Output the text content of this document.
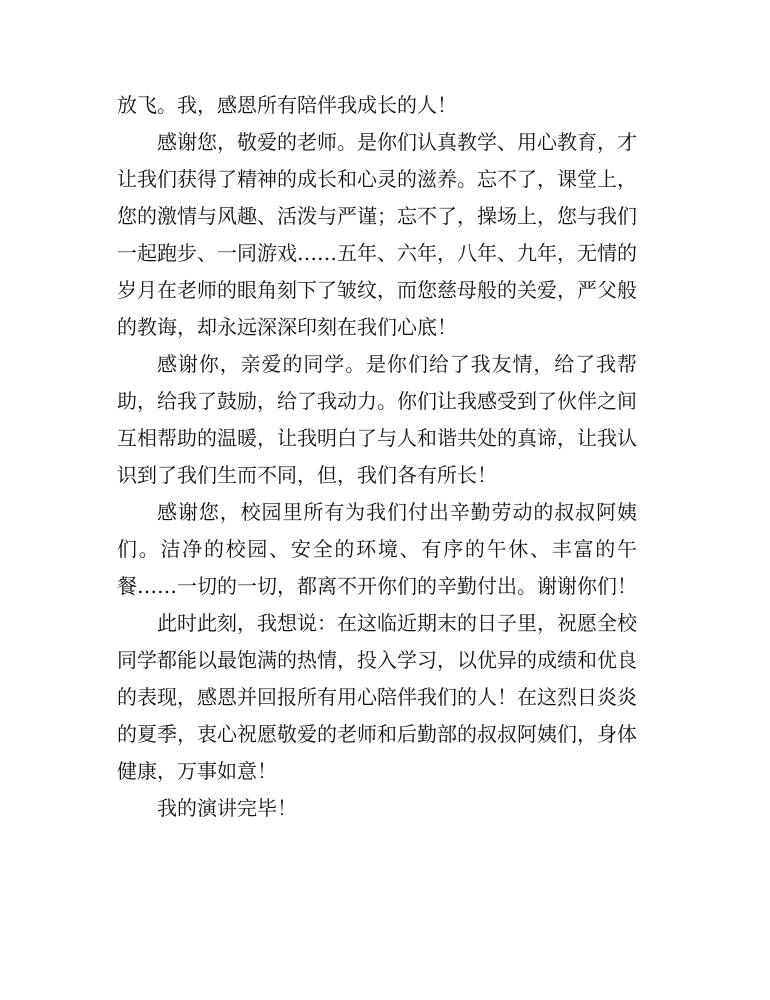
放飞。我，感恩所有陪伴我成长的人！

感谢您，敬爱的老师。是你们认真教学、用心教育，才让我们获得了精神的成长和心灵的滋养。忘不了，课堂上，您的激情与风趣、活泼与严谨；忘不了，操场上，您与我们一起跑步、一同游戏……五年、六年，八年、九年，无情的岁月在老师的眼角刻下了皱纹，而您慈母般的关爱，严父般的教诲，却永远深深印刻在我们心底！

感谢你，亲爱的同学。是你们给了我友情，给了我帮助，给我了鼓励，给了我动力。你们让我感受到了伙伴之间互相帮助的温暖，让我明白了与人和谐共处的真谛，让我认识到了我们生而不同，但，我们各有所长！

感谢您，校园里所有为我们付出辛勤劳动的叔叔阿姨们。洁净的校园、安全的环境、有序的午休、丰富的午餐……一切的一切，都离不开你们的辛勤付出。谢谢你们！

此时此刻，我想说：在这临近期末的日子里，祝愿全校同学都能以最饱满的热情，投入学习，以优异的成绩和优良的表现，感恩并回报所有用心陪伴我们的人！在这烈日炎炎的夏季，衷心祝愿敬爱的老师和后勤部的叔叔阿姨们，身体健康，万事如意！

我的演讲完毕！
